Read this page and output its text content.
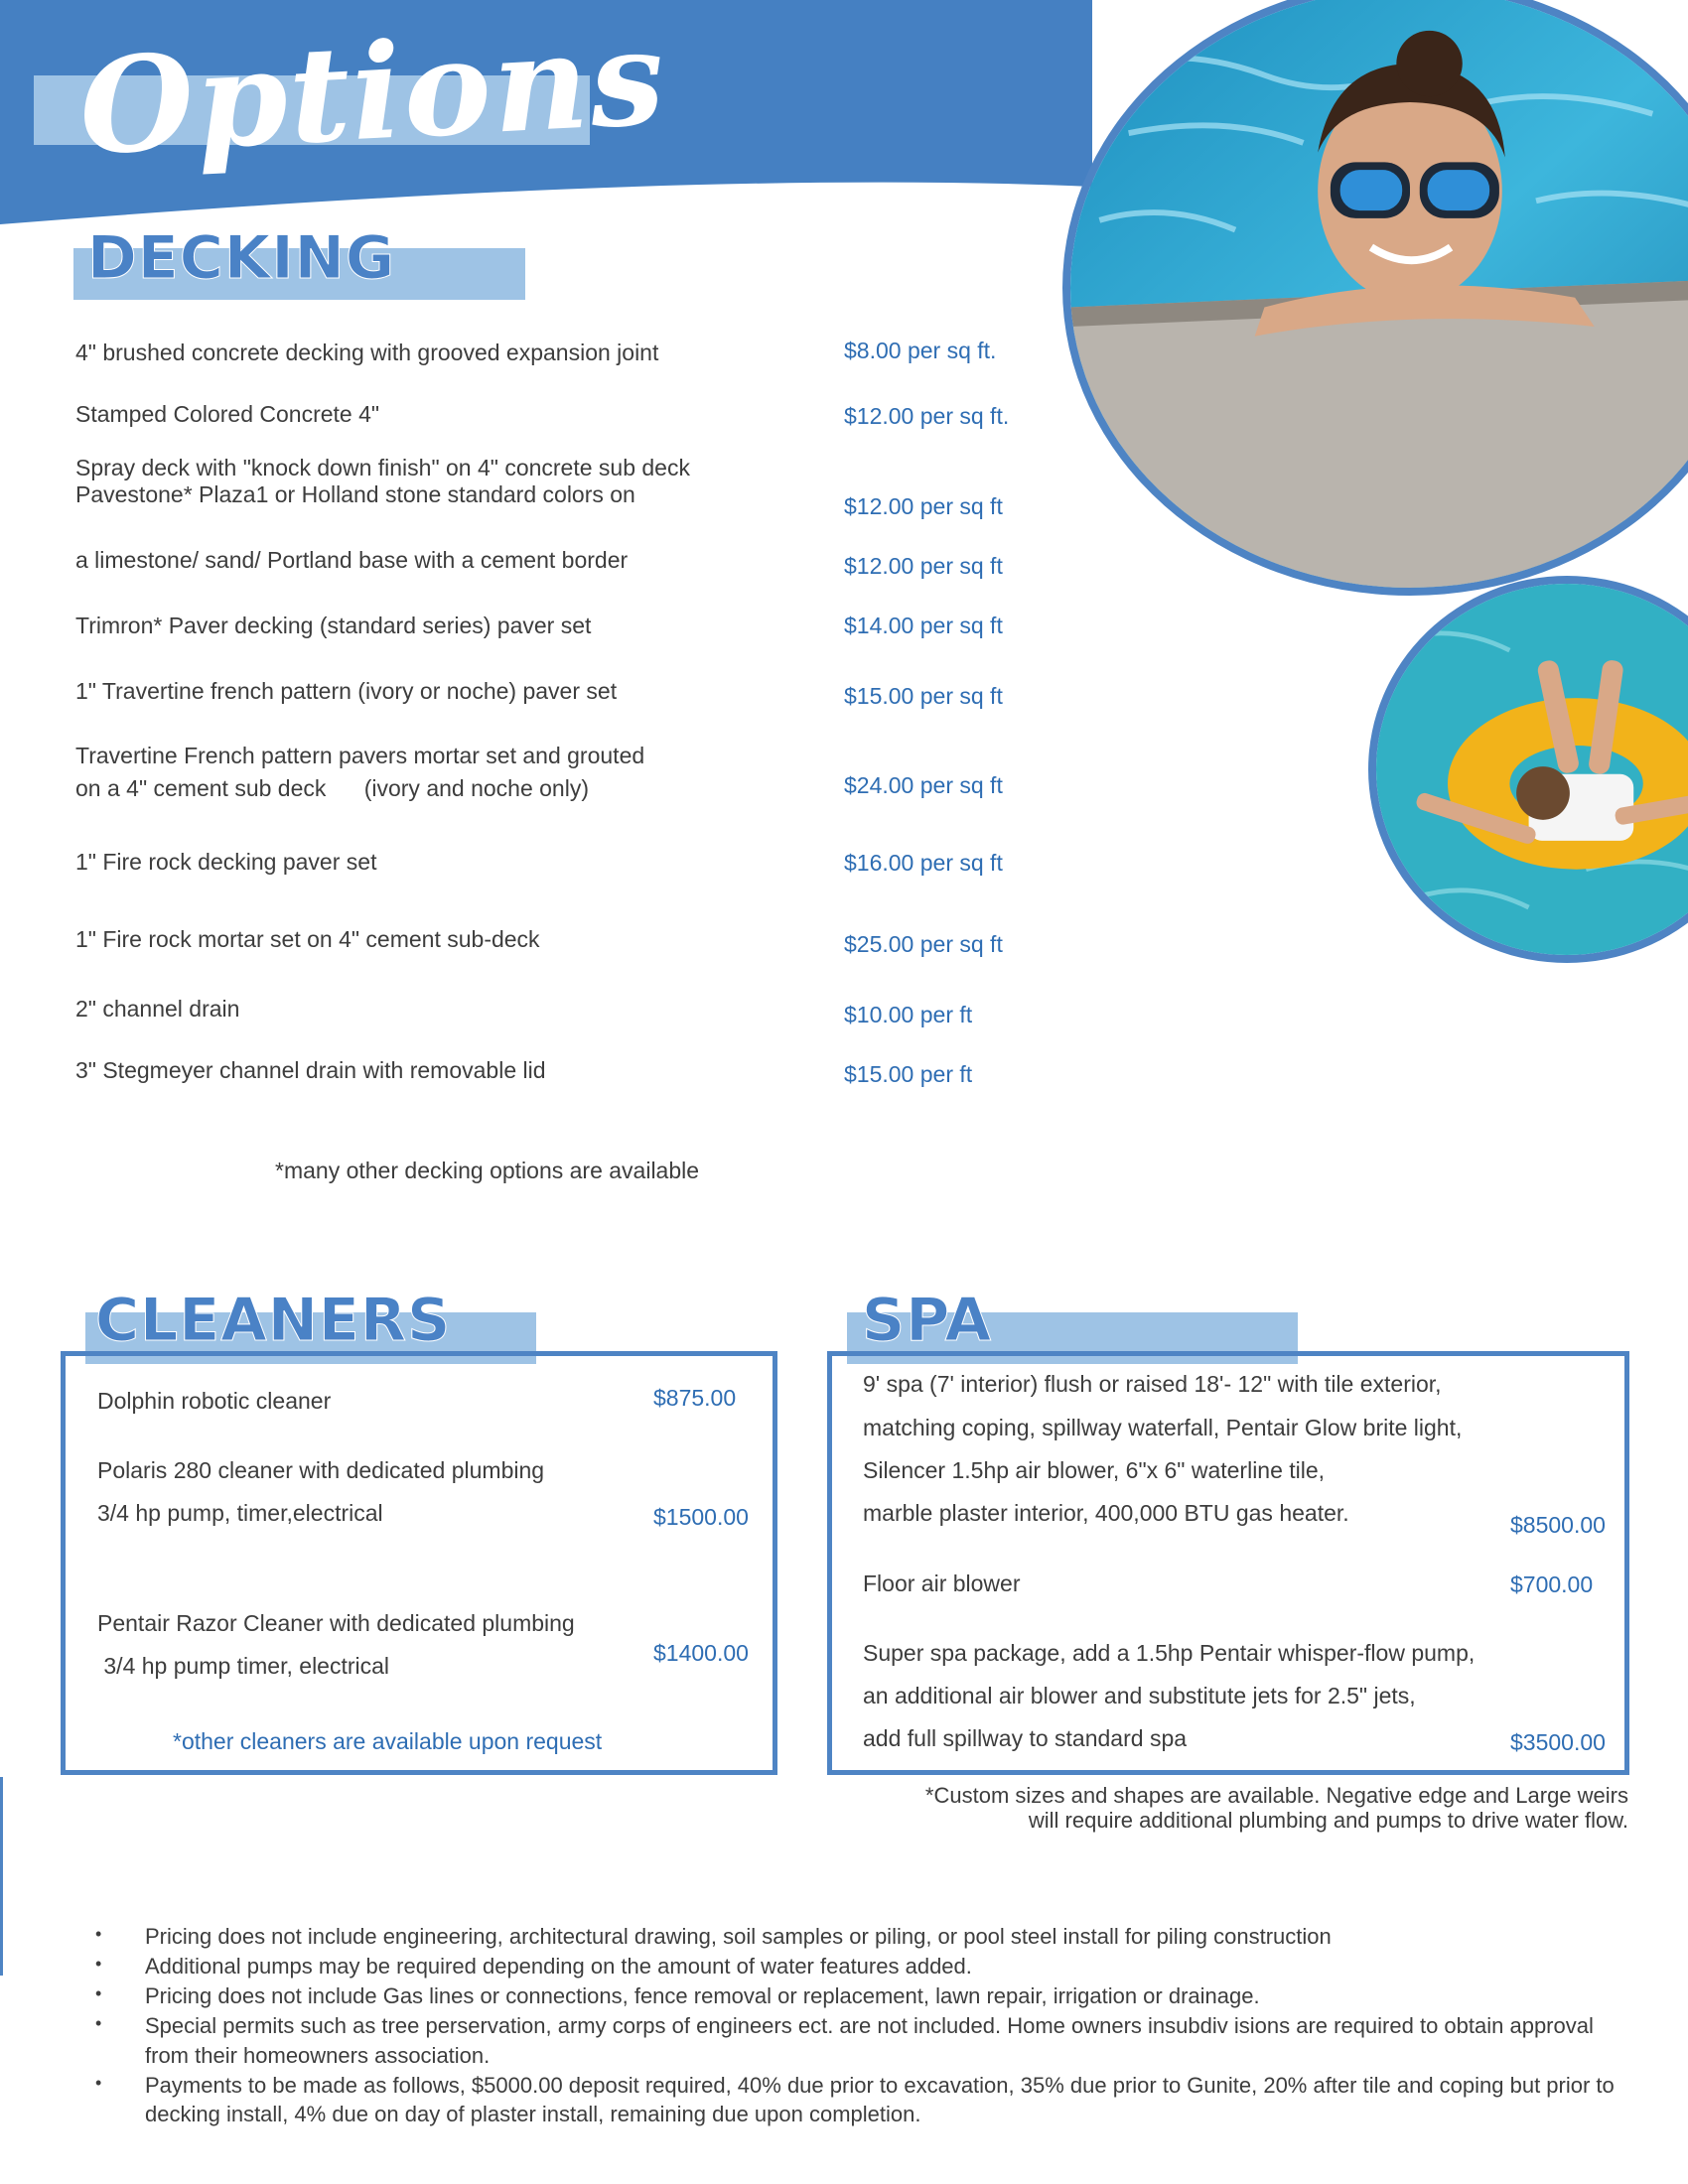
Options
DECKING
4" brushed concrete decking with grooved expansion joint	$8.00 per sq ft.
Stamped Colored Concrete 4"	$12.00 per sq ft.
Spray deck with "knock down finish" on 4" concrete sub deck
Pavestone* Plaza1 or Holland stone standard colors on	$12.00 per sq ft
a limestone/ sand/ Portland base with a cement border	$12.00 per sq ft
Trimron* Paver decking (standard series) paver set	$14.00 per sq ft
1" Travertine french pattern (ivory or noche) paver set	$15.00 per sq ft
Travertine French pattern pavers mortar set and grouted
on a 4" cement sub deck      (ivory and noche only)	$24.00 per sq ft
1" Fire rock decking paver set	$16.00 per sq ft
1" Fire rock mortar set on 4" cement sub-deck	$25.00 per sq ft
2" channel drain	$10.00 per ft
3" Stegmeyer channel drain with removable lid	$15.00 per ft
*many other decking options are available
CLEANERS
Dolphin robotic cleaner	$875.00
Polaris 280 cleaner with dedicated plumbing
3/4 hp pump, timer,electrical	$1500.00
Pentair Razor Cleaner with dedicated plumbing
3/4 hp pump timer, electrical	$1400.00
*other cleaners are available upon request
SPA
9' spa (7' interior) flush or raised 18'- 12" with tile exterior,
matching coping, spillway waterfall, Pentair Glow brite light,
Silencer 1.5hp air blower, 6"x 6" waterline tile,
marble plaster interior, 400,000 BTU gas heater.	$8500.00
Floor air blower	$700.00
Super spa package, add a 1.5hp Pentair whisper-flow pump,
an additional air blower and substitute jets for 2.5" jets,
add full spillway to standard spa	$3500.00
*Custom sizes and shapes are available. Negative edge and Large weirs
will require additional plumbing and pumps to drive water flow.
• Pricing does not include engineering, architectural drawing, soil samples or piling, or pool steel install for piling construction
• Additional pumps may be required depending on the amount of water features added.
• Pricing does not include Gas lines or connections, fence removal or replacement, lawn repair, irrigation or drainage.
• Special permits such as tree perservation, army corps of engineers ect. are not included. Home owners insubdiv isions are required to obtain approval from their homeowners association.
• Payments to be made as follows, $5000.00 deposit required, 40% due prior to excavation, 35% due prior to Gunite, 20% after tile and coping but prior to decking install, 4% due on day of plaster install, remaining due upon completion.
